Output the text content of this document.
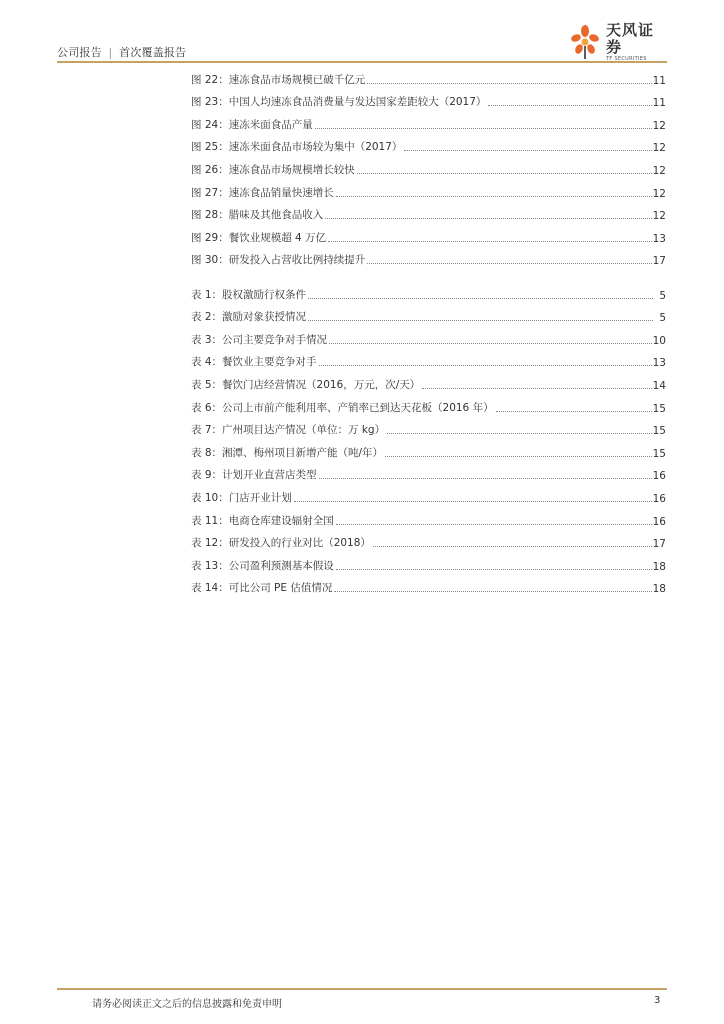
公司报告 | 首次覆盖报告
天风证券
TF SECURITIES
图 22：速冻食品市场规模已破千亿元	11
图 23：中国人均速冻食品消费量与发达国家差距较大（2017）	11
图 24：速冻米面食品产量	12
图 25：速冻米面食品市场较为集中（2017）	12
图 26：速冻食品市场规模增长较快	12
图 27：速冻食品销量快速增长	12
图 28：腊味及其他食品收入	12
图 29：餐饮业规模超 4 万亿	13
图 30：研发投入占营收比例持续提升	17
表 1：股权激励行权条件	5
表 2：激励对象获授情况	5
表 3：公司主要竞争对手情况	10
表 4：餐饮业主要竞争对手	13
表 5：餐饮门店经营情况（2016，万元，次/天）	14
表 6：公司上市前产能利用率、产销率已到达天花板（2016 年）	15
表 7：广州项目达产情况（单位：万 kg）	15
表 8：湘潭、梅州项目新增产能（吨/年）	15
表 9：计划开业直营店类型	16
表 10：门店开业计划	16
表 11：电商仓库建设辐射全国	16
表 12：研发投入的行业对比（2018）	17
表 13：公司盈利预测基本假设	18
表 14：可比公司 PE 估值情况	18
请务必阅读正文之后的信息披露和免责申明	3
